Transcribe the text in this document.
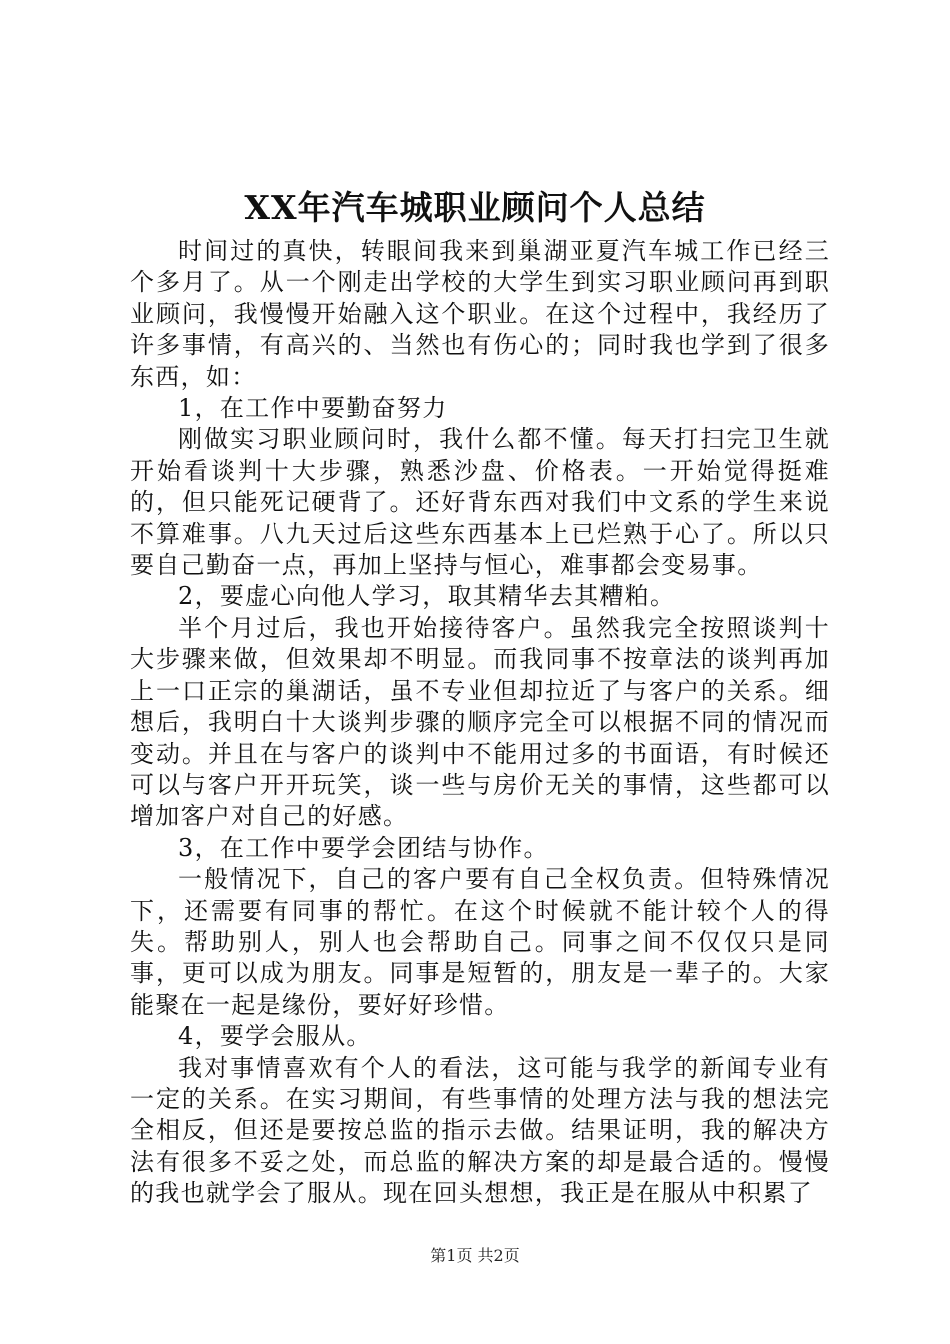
XX年汽车城职业顾问个人总结

时间过的真快，转眼间我来到巢湖亚夏汽车城工作已经三个多月了。从一个刚走出学校的大学生到实习职业顾问再到职业顾问，我慢慢开始融入这个职业。在这个过程中，我经历了许多事情，有高兴的、当然也有伤心的；同时我也学到了很多东西，如：

1，在工作中要勤奋努力

刚做实习职业顾问时，我什么都不懂。每天打扫完卫生就开始看谈判十大步骤，熟悉沙盘、价格表。一开始觉得挺难的，但只能死记硬背了。还好背东西对我们中文系的学生来说不算难事。八九天过后这些东西基本上已烂熟于心了。所以只要自己勤奋一点，再加上坚持与恒心，难事都会变易事。

2，要虚心向他人学习，取其精华去其糟粕。

半个月过后，我也开始接待客户。虽然我完全按照谈判十大步骤来做，但效果却不明显。而我同事不按章法的谈判再加上一口正宗的巢湖话，虽不专业但却拉近了与客户的关系。细想后，我明白十大谈判步骤的顺序完全可以根据不同的情况而变动。并且在与客户的谈判中不能用过多的书面语，有时候还可以与客户开开玩笑，谈一些与房价无关的事情，这些都可以增加客户对自己的好感。

3，在工作中要学会团结与协作。

一般情况下，自己的客户要有自己全权负责。但特殊情况下，还需要有同事的帮忙。在这个时候就不能计较个人的得失。帮助别人，别人也会帮助自己。同事之间不仅仅只是同事，更可以成为朋友。同事是短暂的，朋友是一辈子的。大家能聚在一起是缘份，要好好珍惜。

4，要学会服从。

我对事情喜欢有个人的看法，这可能与我学的新闻专业有一定的关系。在实习期间，有些事情的处理方法与我的想法完全相反，但还是要按总监的指示去做。结果证明，我的解决方法有很多不妥之处，而总监的解决方案的却是最合适的。慢慢的我也就学会了服从。现在回头想想，我正是在服从中积累了

第1页 共2页
